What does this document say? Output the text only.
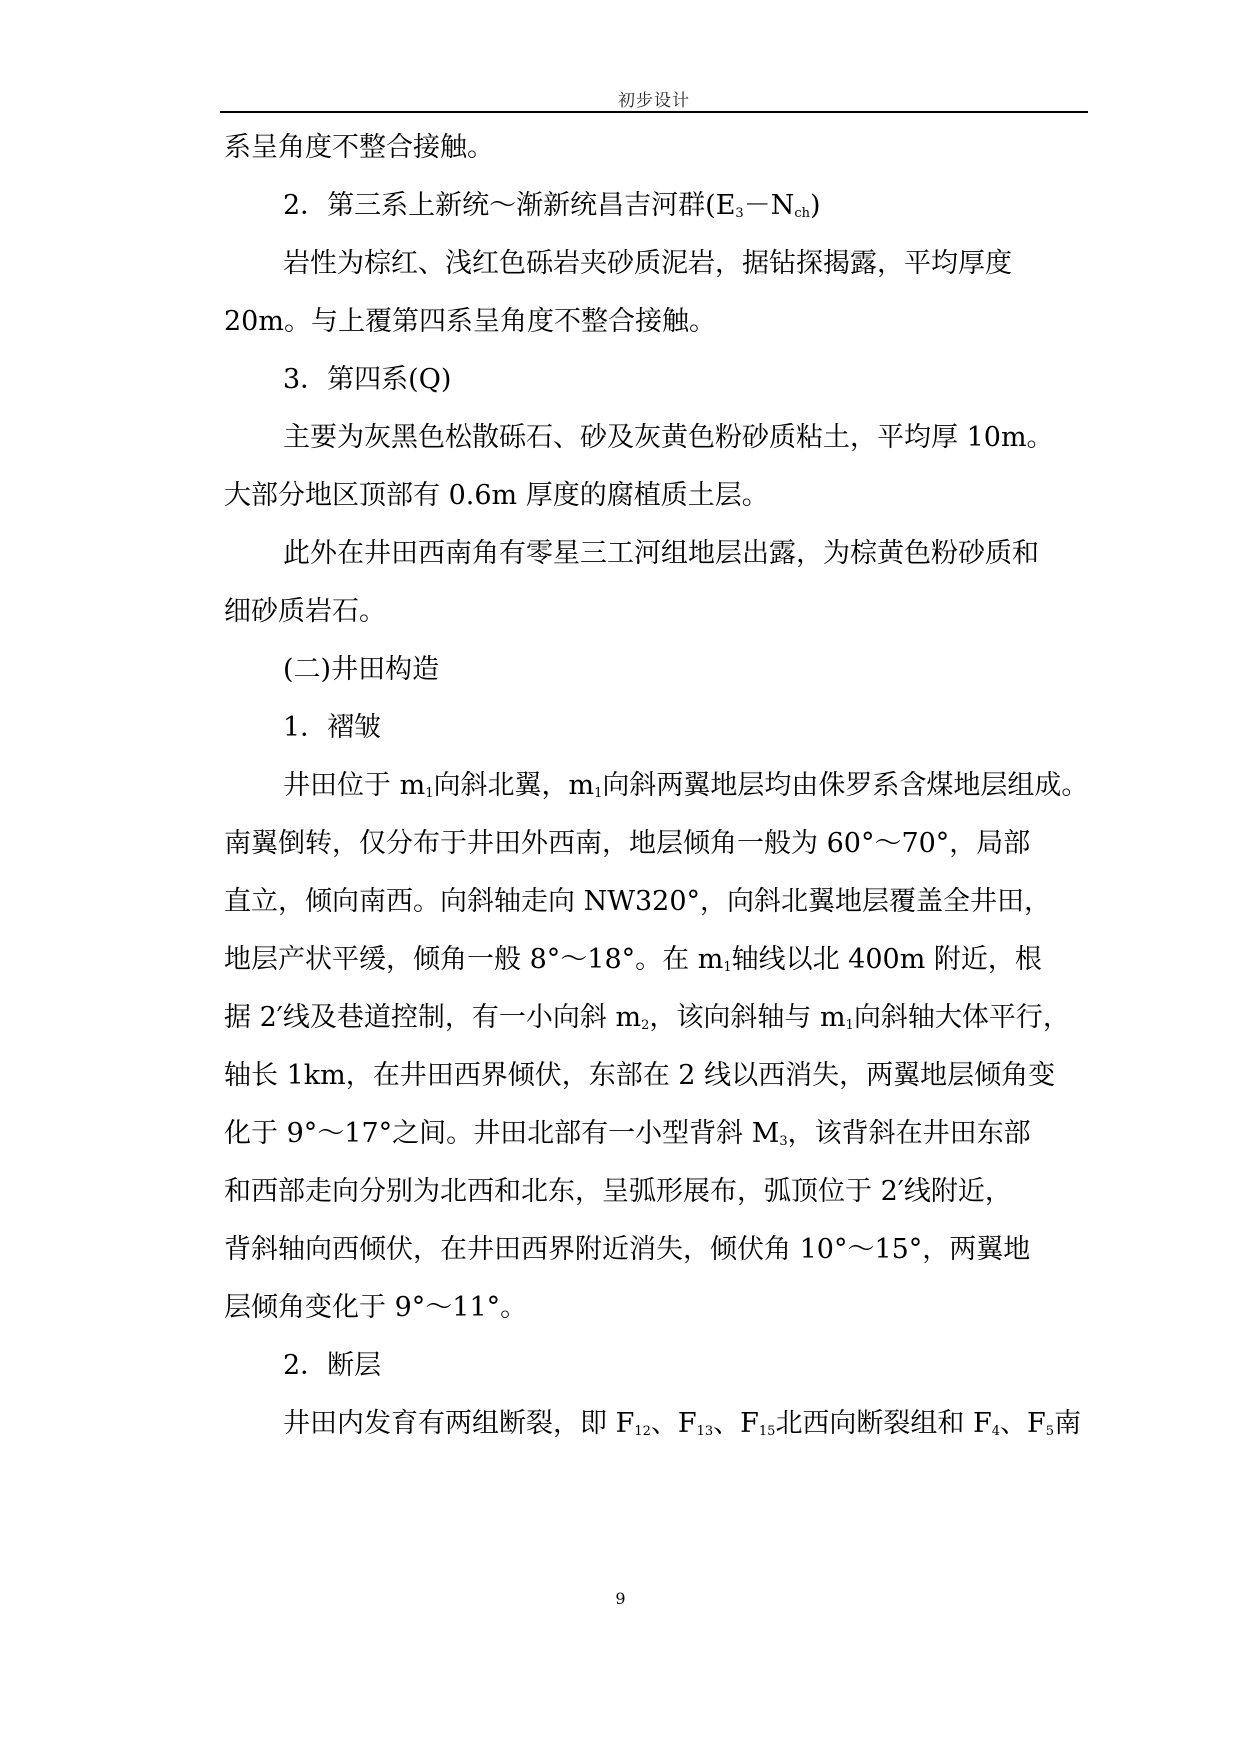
初步设计
系呈角度不整合接触。
2．第三系上新统～渐新统昌吉河群$(E_3-N_{ch})$
岩性为棕红、浅红色砾岩夹砂质泥岩，据钻探揭露，平均厚度
20m。与上覆第四系呈角度不整合接触。
3．第四系(Q)
主要为灰黑色松散砾石、砂及灰黄色粉砂质粘土，平均厚 10m。
大部分地区顶部有 0.6m 厚度的腐植质土层。
此外在井田西南角有零星三工河组地层出露，为棕黄色粉砂质和
细砂质岩石。
(二)井田构造
1．褶皱
井田位于 $m_1$向斜北翼，$m_1$向斜两翼地层均由侏罗系含煤地层组成。
南翼倒转，仅分布于井田外西南，地层倾角一般为 60°～70°，局部
直立，倾向南西。向斜轴走向 NW320°，向斜北翼地层覆盖全井田，
地层产状平缓，倾角一般 8°～18°。在 $m_1$轴线以北 400m 附近，根
据 2′线及巷道控制，有一小向斜 $m_2$，该向斜轴与 $m_1$向斜轴大体平行，
轴长 1km，在井田西界倾伏，东部在 2 线以西消失，两翼地层倾角变
化于 9°～17°之间。井田北部有一小型背斜 $M_3$，该背斜在井田东部
和西部走向分别为北西和北东，呈弧形展布，弧顶位于 2′线附近，
背斜轴向西倾伏，在井田西界附近消失，倾伏角 10°～15°，两翼地
层倾角变化于 9°～11°。
2．断层
井田内发育有两组断裂，即 $F_{12}$、$F_{13}$、$F_{15}$北西向断裂组和 $F_4$、$F_5$南
9
